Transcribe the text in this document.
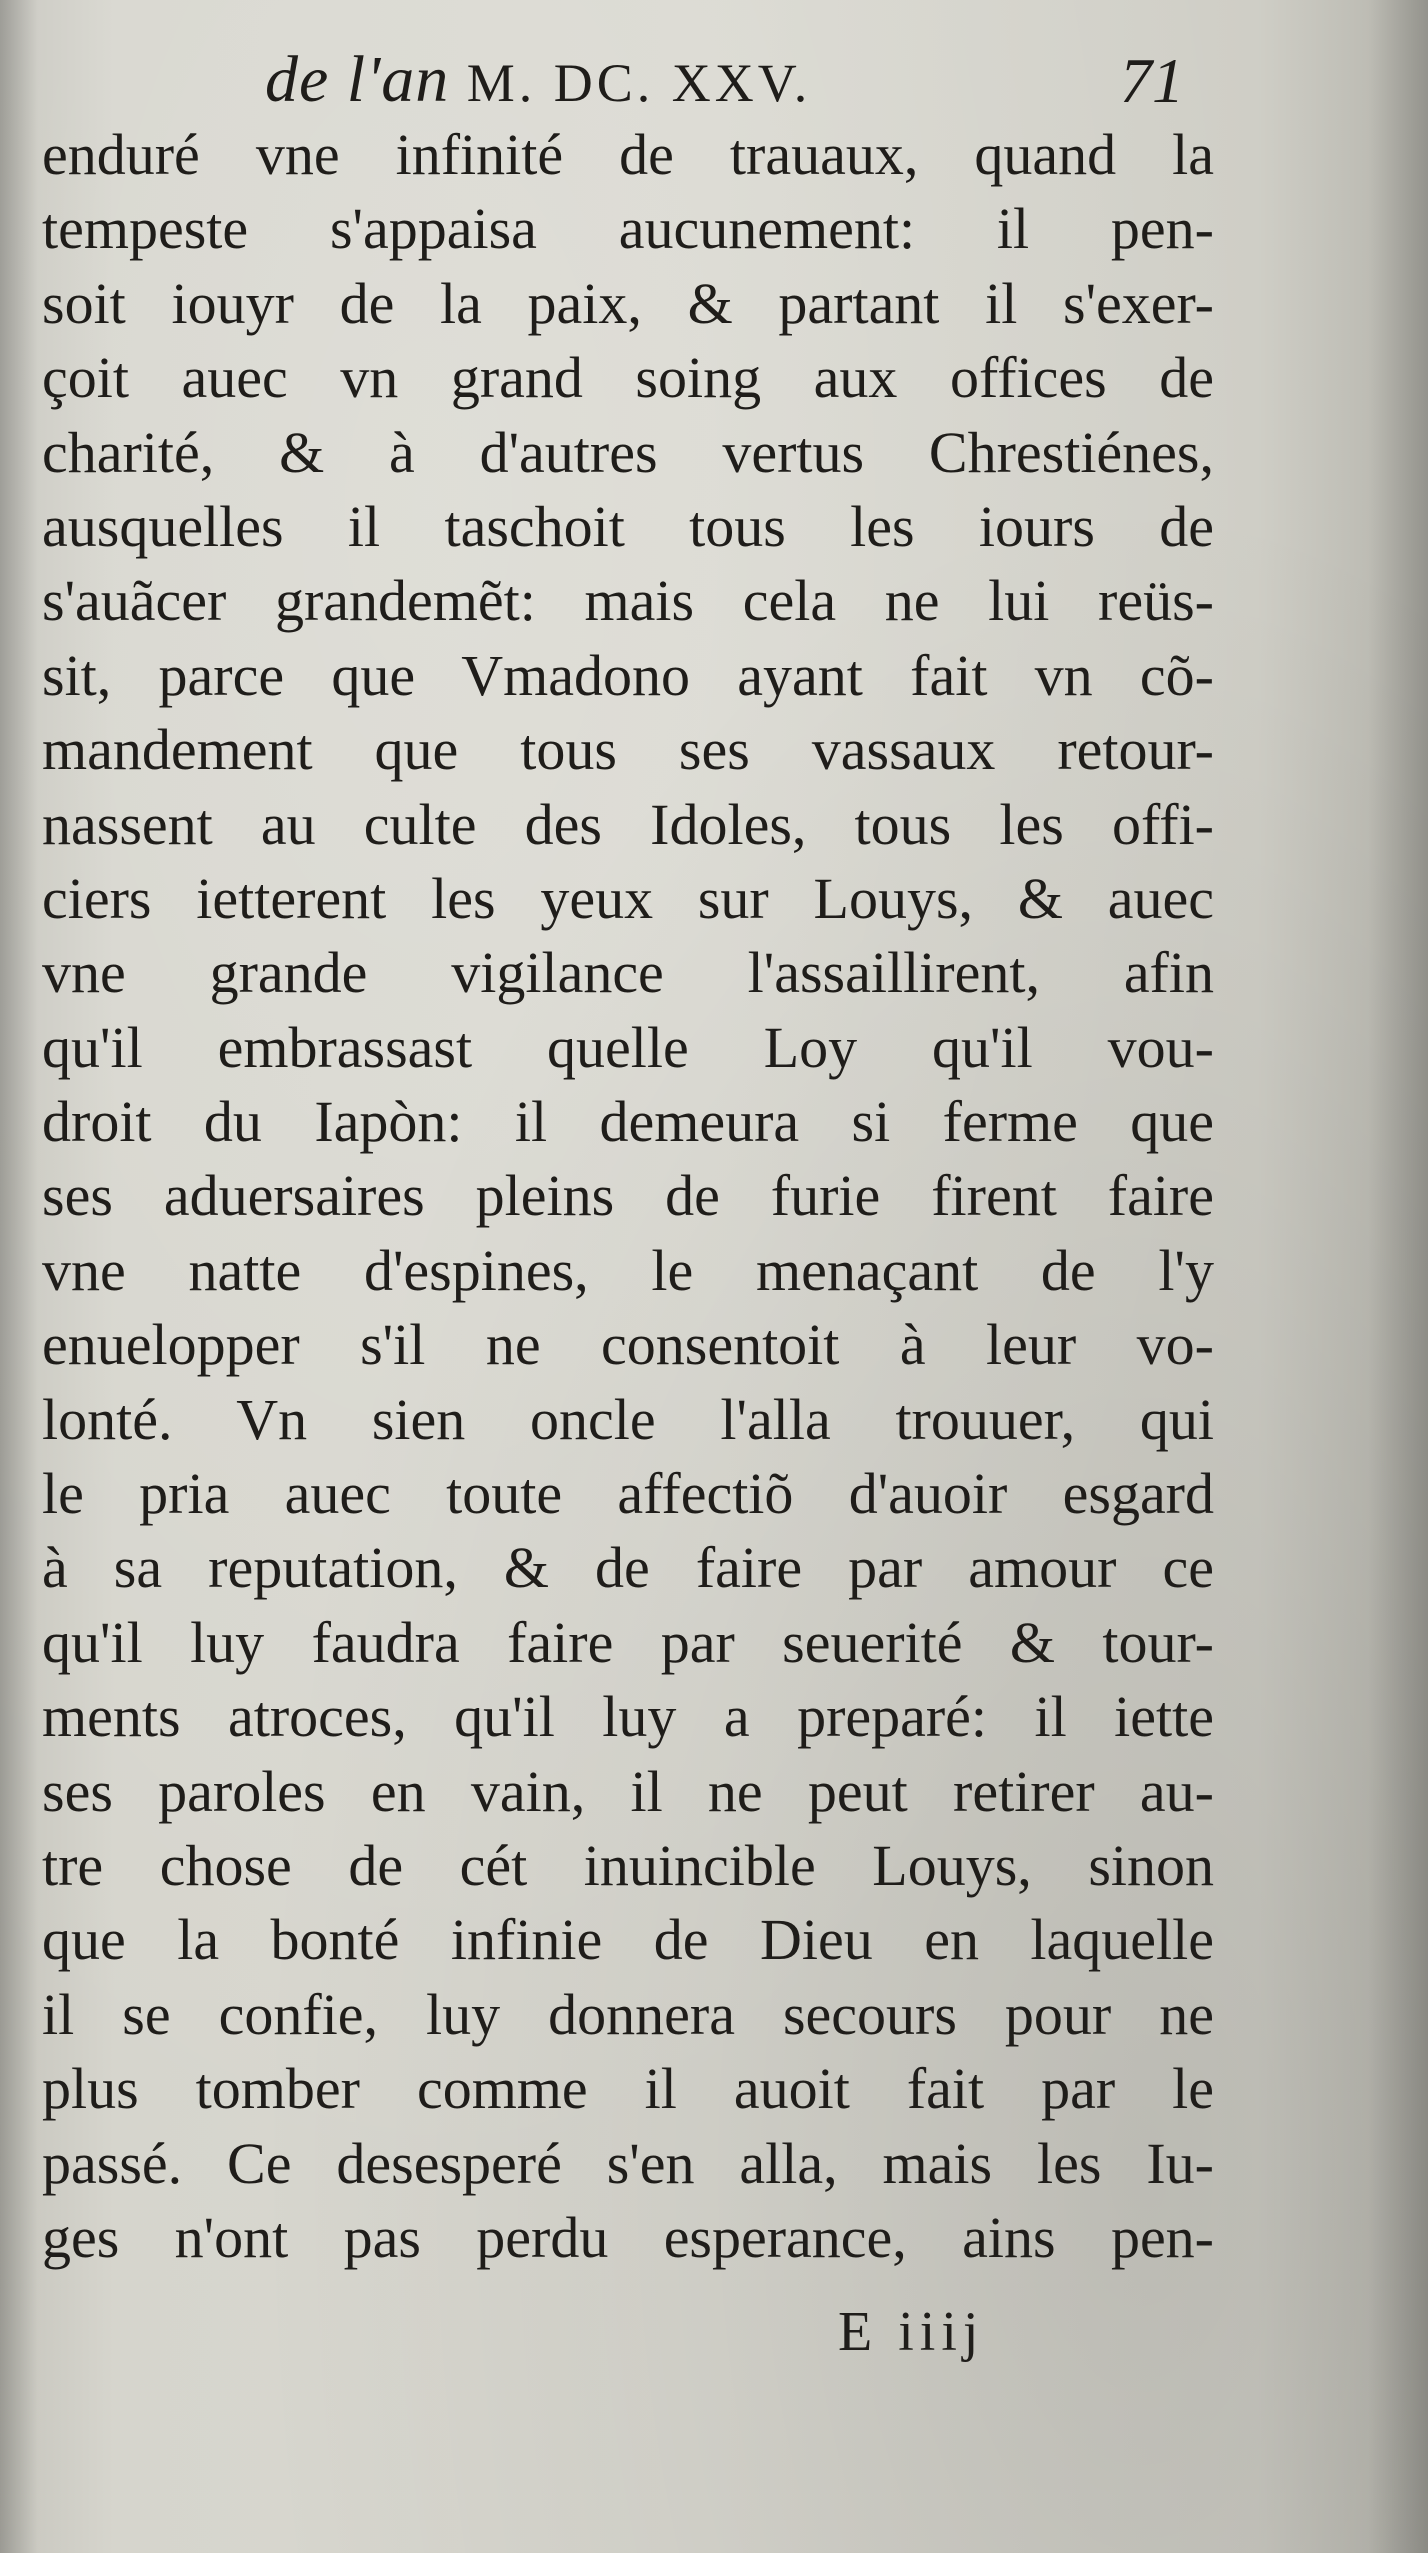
de l'an M. DC. XXV.	71
enduré vne infinité de trauaux, quand la
tempeste s'appaisa aucunement: il pen-
soit iouyr de la paix, & partant il s'exer-
çoit auec vn grand soing aux offices de
charité, & à d'autres vertus Chrestiénes,
ausquelles il taschoit tous les iours de
s'auãcer grandemẽt: mais cela ne lui reüs-
sit, parce que Vmadono ayant fait vn cõ-
mandement que tous ses vassaux retour-
nassent au culte des Idoles, tous les offi-
ciers ietterent les yeux sur Louys, & auec
vne grande vigilance l'assaillirent, afin
qu'il embrassast quelle Loy qu'il vou-
droit du Iapòn: il demeura si ferme que
ses aduersaires pleins de furie firent faire
vne natte d'espines, le menaçant de l'y
enuelopper s'il ne consentoit à leur vo-
lonté. Vn sien oncle l'alla trouuer, qui
le pria auec toute affectiõ d'auoir esgard
à sa reputation, & de faire par amour ce
qu'il luy faudra faire par seuerité & tour-
ments atroces, qu'il luy a preparé: il iette
ses paroles en vain, il ne peut retirer au-
tre chose de cét inuincible Louys, sinon
que la bonté infinie de Dieu en laquelle
il se confie, luy donnera secours pour ne
plus tomber comme il auoit fait par le
passé. Ce desesperé s'en alla, mais les Iu-
ges n'ont pas perdu esperance, ains pen-
E iiij
